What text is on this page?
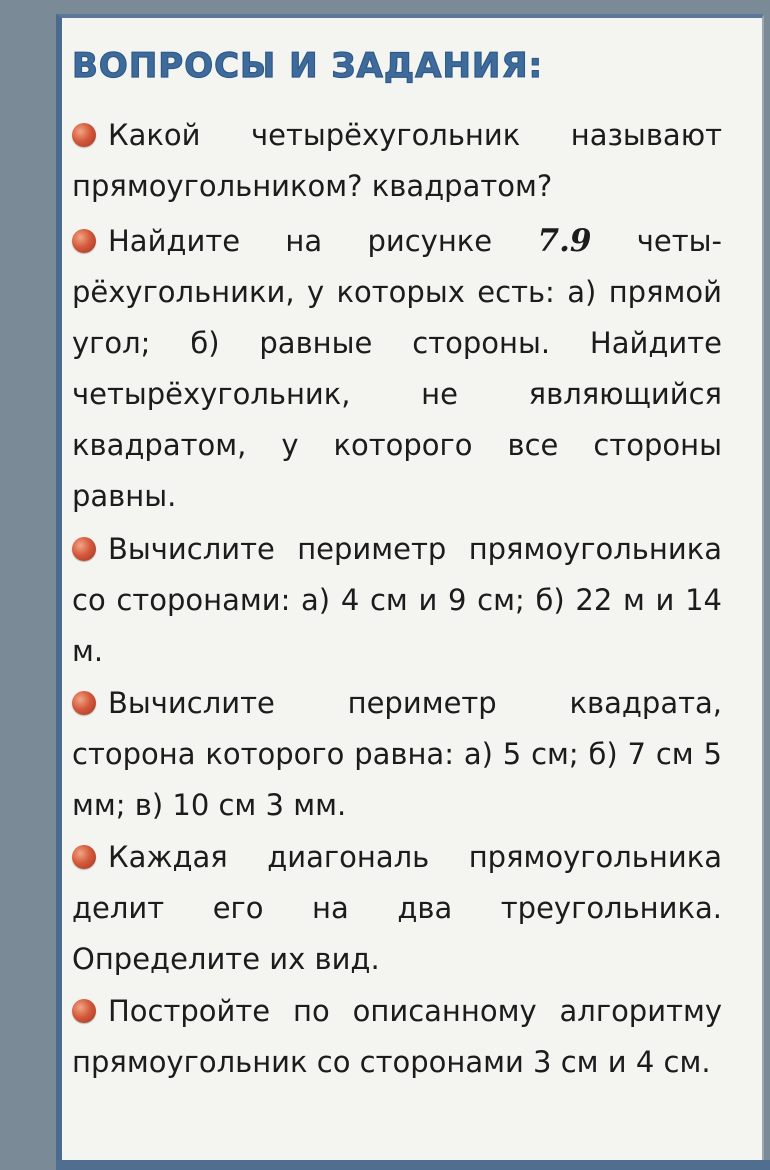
ВОПРОСЫ И ЗАДАНИЯ:
Какой четырёхугольник называют прямоугольником? квадратом?
Найдите на рисунке 7.9 четырёхугольники, у которых есть: а) прямой угол; б) равные стороны. Найдите четырёхугольник, не являющийся квадратом, у которого все стороны равны.
Вычислите периметр прямоугольника со сторонами: а) 4 см и 9 см; б) 22 м и 14 м.
Вычислите периметр квадрата, сторона которого равна: а) 5 см; б) 7 см 5 мм; в) 10 см 3 мм.
Каждая диагональ прямоугольника делит его на два треугольника. Определите их вид.
Постройте по описанному алгоритму прямоугольник со сторонами 3 см и 4 см.
